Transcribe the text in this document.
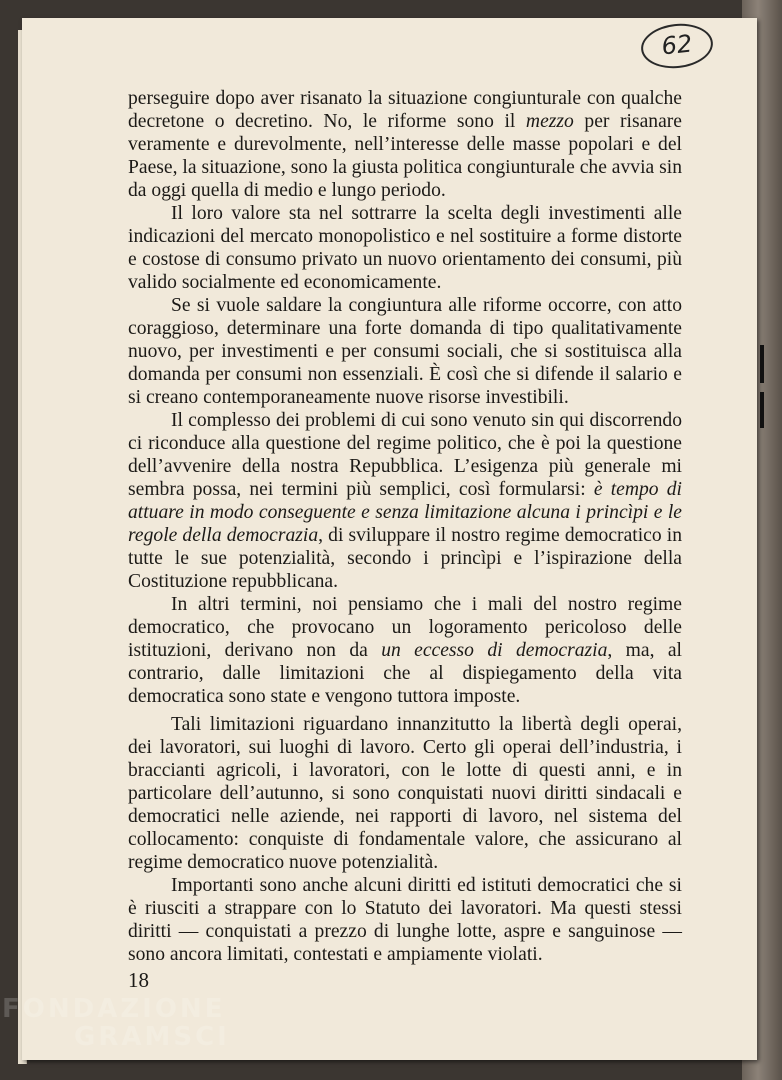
62

perseguire dopo aver risanato la situazione congiunturale con qualche decretone o decretino. No, le riforme sono il mezzo per risanare veramente e durevolmente, nell’interesse delle masse popolari e del Paese, la situazione, sono la giusta politica congiunturale che avvia sin da oggi quella di medio e lungo periodo.

Il loro valore sta nel sottrarre la scelta degli investimenti alle indicazioni del mercato monopolistico e nel sostituire a forme distorte e costose di consumo privato un nuovo orientamento dei consumi, più valido socialmente ed economicamente.

Se si vuole saldare la congiuntura alle riforme occorre, con atto coraggioso, determinare una forte domanda di tipo qualitativamente nuovo, per investimenti e per consumi sociali, che si sostituisca alla domanda per consumi non essenziali. È così che si difende il salario e si creano contemporaneamente nuove risorse investibili.

Il complesso dei problemi di cui sono venuto sin qui discorrendo ci riconduce alla questione del regime politico, che è poi la questione dell’avvenire della nostra Repubblica. L’esigenza più generale mi sembra possa, nei termini più semplici, così formularsi: è tempo di attuare in modo conseguente e senza limitazione alcuna i princìpi e le regole della democrazia, di sviluppare il nostro regime democratico in tutte le sue potenzialità, secondo i princìpi e l’ispirazione della Costituzione repubblicana.

In altri termini, noi pensiamo che i mali del nostro regime democratico, che provocano un logoramento pericoloso delle istituzioni, derivano non da un eccesso di democrazia, ma, al contrario, dalle limitazioni che al dispiegamento della vita democratica sono state e vengono tuttora imposte.

Tali limitazioni riguardano innanzitutto la libertà degli operai, dei lavoratori, sui luoghi di lavoro. Certo gli operai dell’industria, i braccianti agricoli, i lavoratori, con le lotte di questi anni, e in particolare dell’autunno, si sono conquistati nuovi diritti sindacali e democratici nelle aziende, nei rapporti di lavoro, nel sistema del collocamento: conquiste di fondamentale valore, che assicurano al regime democratico nuove potenzialità.

Importanti sono anche alcuni diritti ed istituti democratici che si è riusciti a strappare con lo Statuto dei lavoratori. Ma questi stessi diritti — conquistati a prezzo di lunghe lotte, aspre e sanguinose — sono ancora limitati, contestati e ampiamente violati.

18
FONDAZIONE
GRAMSCI
